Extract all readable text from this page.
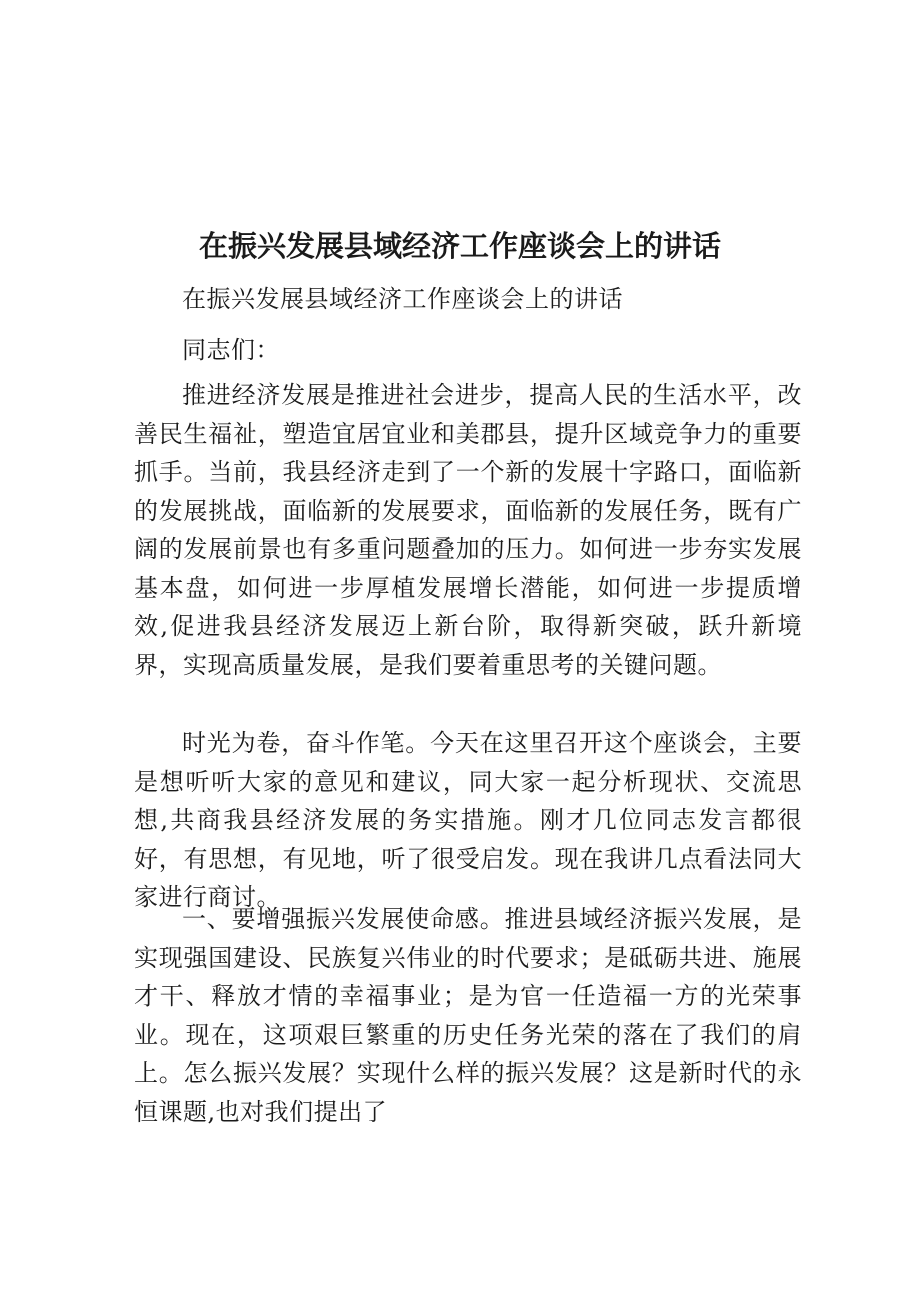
在振兴发展县域经济工作座谈会上的讲话

在振兴发展县域经济工作座谈会上的讲话

同志们：

推进经济发展是推进社会进步，提高人民的生活水平，改善民生福祉，塑造宜居宜业和美郡县，提升区域竞争力的重要抓手。当前，我县经济走到了一个新的发展十字路口，面临新的发展挑战，面临新的发展要求，面临新的发展任务，既有广阔的发展前景也有多重问题叠加的压力。如何进一步夯实发展基本盘，如何进一步厚植发展增长潜能，如何进一步提质增效,促进我县经济发展迈上新台阶，取得新突破，跃升新境界，实现高质量发展，是我们要着重思考的关键问题。

时光为卷，奋斗作笔。今天在这里召开这个座谈会，主要是想听听大家的意见和建议，同大家一起分析现状、交流思想,共商我县经济发展的务实措施。刚才几位同志发言都很好，有思想，有见地，听了很受启发。现在我讲几点看法同大家进行商讨。

一、要增强振兴发展使命感。推进县域经济振兴发展，是实现强国建设、民族复兴伟业的时代要求；是砥砺共进、施展才干、释放才情的幸福事业；是为官一任造福一方的光荣事业。现在，这项艰巨繁重的历史任务光荣的落在了我们的肩上。怎么振兴发展？实现什么样的振兴发展？这是新时代的永恒课题,也对我们提出了
